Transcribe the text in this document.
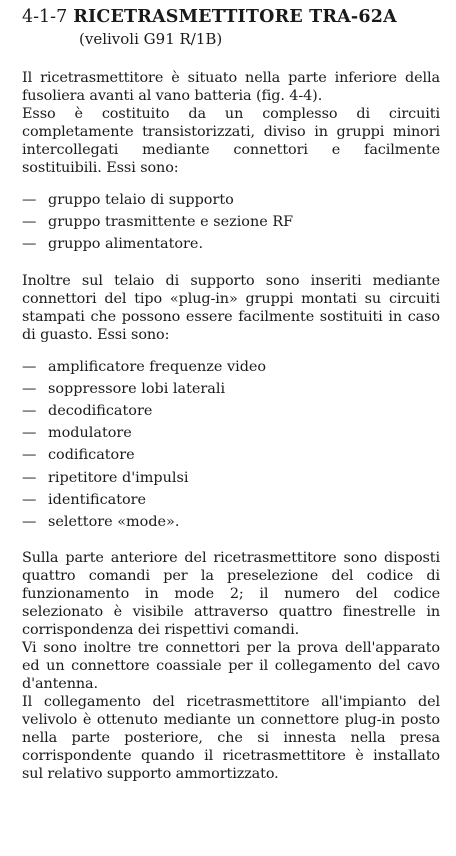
4-1-7 RICETRASMETTITORE TRA-62A
(velivoli G91 R/1B)

Il ricetrasmettitore è situato nella parte inferiore della fusoliera avanti al vano batteria (fig. 4-4).

Esso è costituito da un complesso di circuiti completamente transistorizzati, diviso in gruppi minori intercollegati mediante connettori e facilmente sostituibili. Essi sono:

— gruppo telaio di supporto
— gruppo trasmittente e sezione RF
— gruppo alimentatore.

Inoltre sul telaio di supporto sono inseriti mediante connettori del tipo «plug-in» gruppi montati su circuiti stampati che possono essere facilmente sostituiti in caso di guasto. Essi sono:

— amplificatore frequenze video
— soppressore lobi laterali
— decodificatore
— modulatore
— codificatore
— ripetitore d'impulsi
— identificatore
— selettore «mode».

Sulla parte anteriore del ricetrasmettitore sono disposti quattro comandi per la preselezione del codice di funzionamento in mode 2; il numero del codice selezionato è visibile attraverso quattro finestrelle in corrispondenza dei rispettivi comandi.

Vi sono inoltre tre connettori per la prova dell'apparato ed un connettore coassiale per il collegamento del cavo d'antenna.

Il collegamento del ricetrasmettitore all'impianto del velivolo è ottenuto mediante un connettore plug-in posto nella parte posteriore, che si innesta nella presa corrispondente quando il ricetrasmettitore è installato sul relativo supporto ammortizzato.
